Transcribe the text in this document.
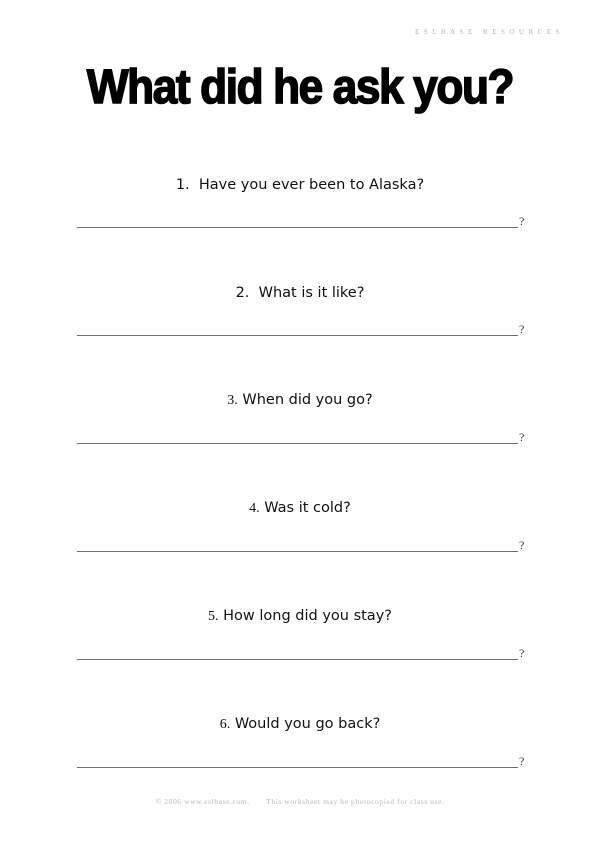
ESLBASE RESOURCES
What did he ask you?
1. Have you ever been to Alaska?
?
2. What is it like?
?
3. When did you go?
?
4. Was it cold?
?
5. How long did you stay?
?
6. Would you go back?
?
© 2006 www.eslbase.com. This worksheet may be photocopied for class use.
